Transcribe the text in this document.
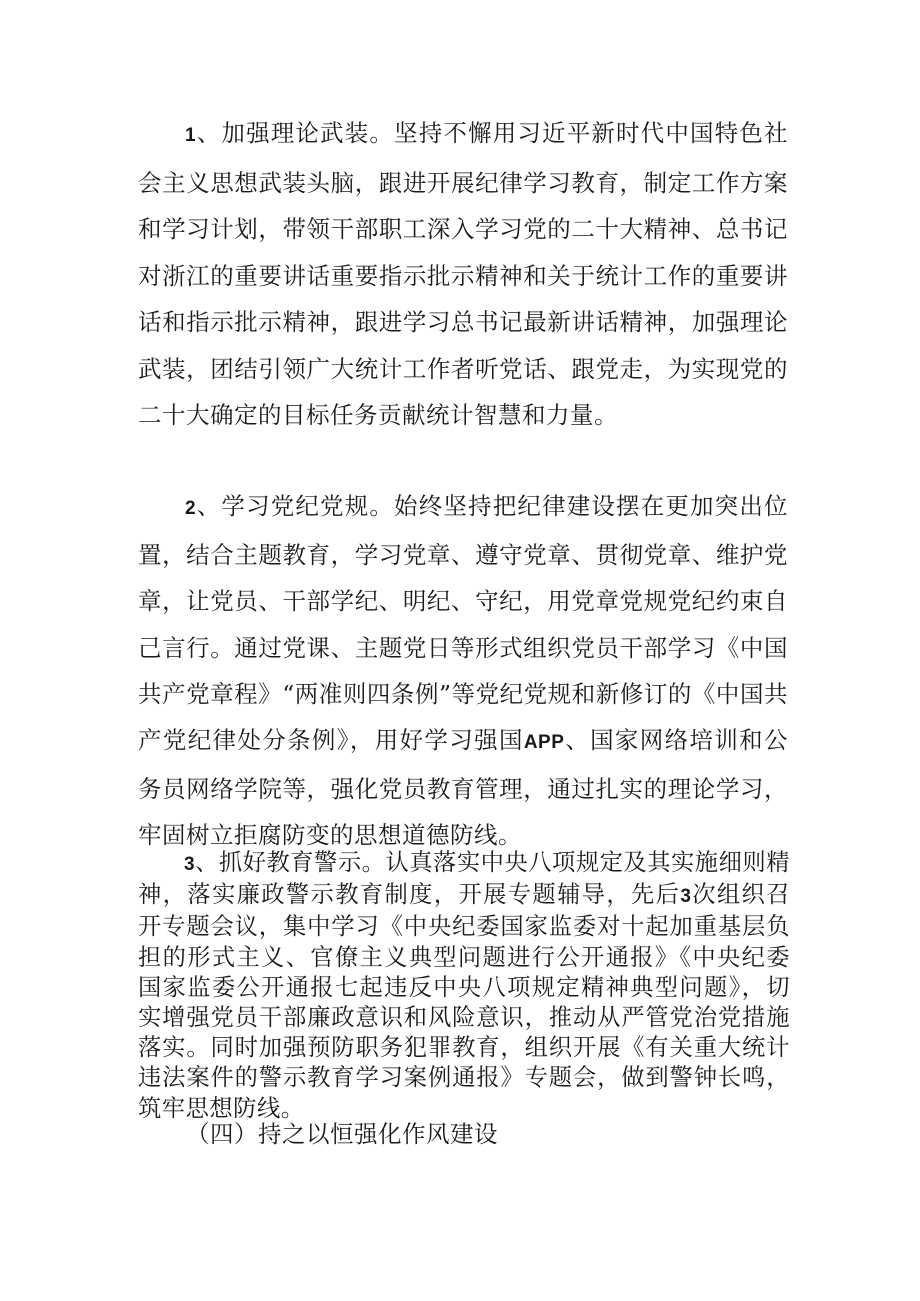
1、加强理论武装。坚持不懈用习近平新时代中国特色社会主义思想武装头脑，跟进开展纪律学习教育，制定工作方案和学习计划，带领干部职工深入学习党的二十大精神、总书记对浙江的重要讲话重要指示批示精神和关于统计工作的重要讲话和指示批示精神，跟进学习总书记最新讲话精神，加强理论武装，团结引领广大统计工作者听党话、跟党走，为实现党的二十大确定的目标任务贡献统计智慧和力量。

2、学习党纪党规。始终坚持把纪律建设摆在更加突出位置，结合主题教育，学习党章、遵守党章、贯彻党章、维护党章，让党员、干部学纪、明纪、守纪，用党章党规党纪约束自己言行。通过党课、主题党日等形式组织党员干部学习《中国共产党章程》“两准则四条例”等党纪党规和新修订的《中国共产党纪律处分条例》，用好学习强国APP、国家网络培训和公务员网络学院等，强化党员教育管理，通过扎实的理论学习，牢固树立拒腐防变的思想道德防线。

3、抓好教育警示。认真落实中央八项规定及其实施细则精神，落实廉政警示教育制度，开展专题辅导，先后3次组织召开专题会议，集中学习《中央纪委国家监委对十起加重基层负担的形式主义、官僚主义典型问题进行公开通报》《中央纪委国家监委公开通报七起违反中央八项规定精神典型问题》，切实增强党员干部廉政意识和风险意识，推动从严管党治党措施落实。同时加强预防职务犯罪教育，组织开展《有关重大统计违法案件的警示教育学习案例通报》专题会，做到警钟长鸣，筑牢思想防线。

（四）持之以恒强化作风建设
